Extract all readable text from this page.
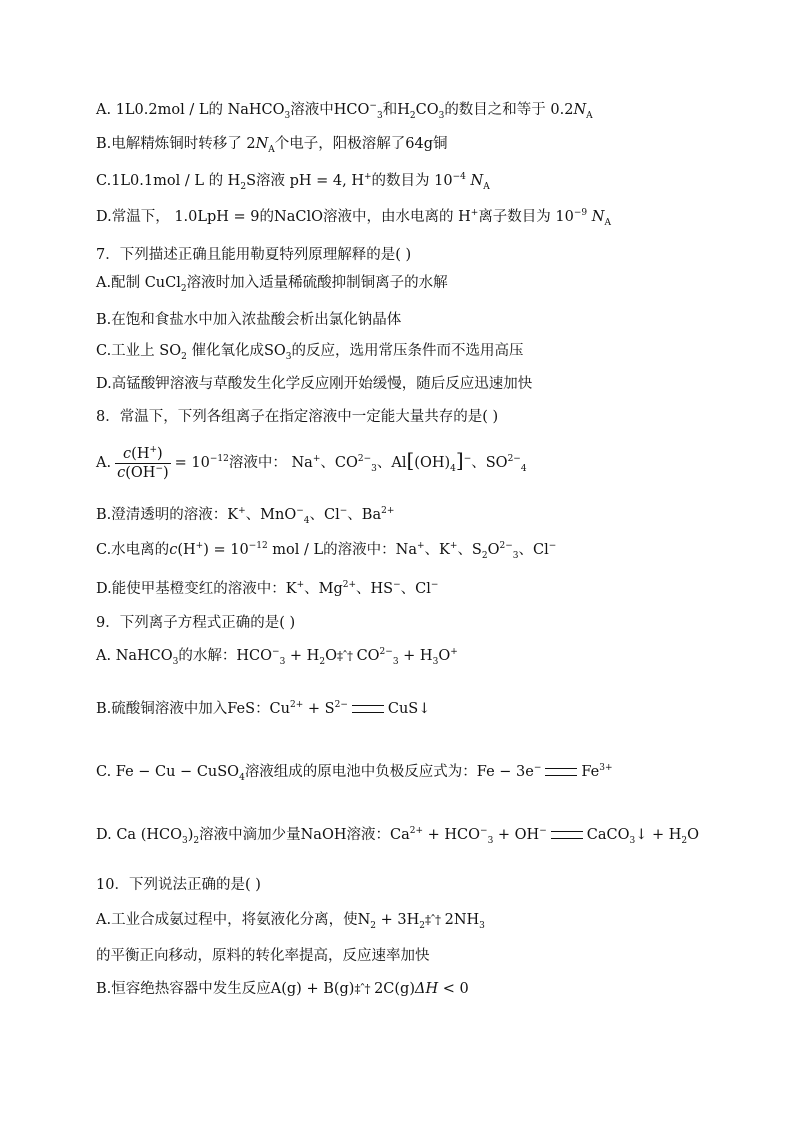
A. 1L0.2mol / L的 NaHCO$_3$溶液中$HCO^-_3$和$H_2CO_3$的数目之和等于 $0.2N_A$
B.电解精炼铜时转移了 $2N_A$个电子，阳极溶解了64g铜
C.1L0.1mol / L 的 $H_2S$溶液 pH = 4, H+的数目为 $10^{-4}$ $N_A$
D.常温下， 1.0LpH = 9的NaClO溶液中，由水电离的 H+离子数目为 $10^{-9}$ $N_A$
7．下列描述正确且能用勒夏特列原理解释的是( )
A.配制 CuCl$_2$溶液时加入适量稀硫酸抑制铜离子的水解
B.在饱和食盐水中加入浓盐酸会析出氯化钠晶体
C.工业上 $SO_2$ 催化氧化成$SO_3$的反应，选用常压条件而不选用高压
D.高锰酸钾溶液与草酸发生化学反应刚开始缓慢，随后反应迅速加快
8．常温下，下列各组离子在指定溶液中一定能大量共存的是( )
A. $\frac{c(H^+)}{c(OH^-)} = 10^{-12}$溶液中： Na+、$CO^{2-}_3$、$Al[(OH)_4]^-$、$SO^{2-}_4$
B.澄清透明的溶液：K+、MnO−$_4$、Cl−、$Ba^{2+}$
C.水电离的$c(H^+) = 10^{-12}$ mol / L的溶液中：Na+、K+、$S_2O^{2-}_3$、Cl−
D.能使甲基橙变红的溶液中：K+、$Mg^{2+}$、HS−、Cl−
9．下列离子方程式正确的是( )
A. NaHCO$_3$的水解：$HCO^-_3$ + $H_2O\ddagger ˆ\dagger$ $CO^{2-}_3 + H_3O^+$
B.硫酸铜溶液中加入FeS：$Cu^{2+} + S^{2-}$	CuS↓
C. Fe − Cu − CuSO$_4$溶液组成的原电池中负极反应式为：Fe − 3e−	$Fe^{3+}$
D. Ca $(HCO_3)_2$溶液中滴加少量NaOH溶液：$Ca^{2+} + HCO^-_3 + OH^-$	CaCO$_3$↓ + $H_2O$
10．下列说法正确的是( )
A.工业合成氨过程中，将氨液化分离，使$N_2$ + $3H_2\ddagger ˆ\dagger$ $2NH_3$
的平衡正向移动，原料的转化率提高，反应速率加快
B.恒容绝热容器中发生反应A(g) + B(g)‡ˆ† 2C(g)ΔH < 0
